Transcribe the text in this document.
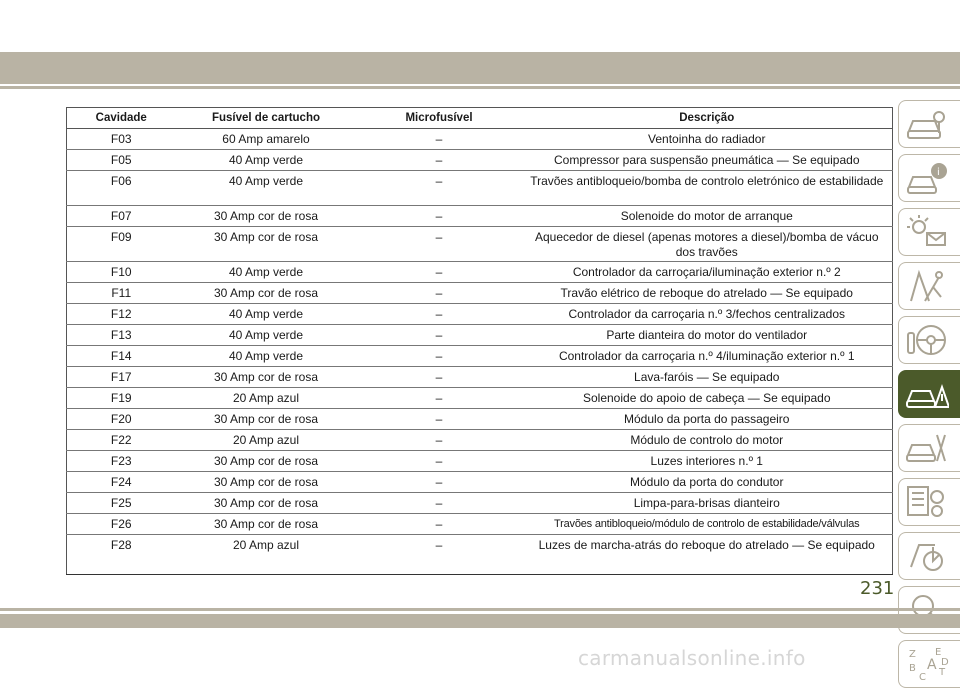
Cavidade	Fusível de cartucho	Microfusível	Descrição
F03	60 Amp amarelo	–	Ventoinha do radiador
F05	40 Amp verde	–	Compressor para suspensão pneumática — Se equipado
F06	40 Amp verde	–	Travões antibloqueio/bomba de controlo eletrónico de estabilidade
F07	30 Amp cor de rosa	–	Solenoide do motor de arranque
F09	30 Amp cor de rosa	–	Aquecedor de diesel (apenas motores a diesel)/bomba de vácuo dos travões
F10	40 Amp verde	–	Controlador da carroçaria/iluminação exterior n.º 2
F11	30 Amp cor de rosa	–	Travão elétrico de reboque do atrelado — Se equipado
F12	40 Amp verde	–	Controlador da carroçaria n.º 3/fechos centralizados
F13	40 Amp verde	–	Parte dianteira do motor do ventilador
F14	40 Amp verde	–	Controlador da carroçaria n.º 4/iluminação exterior n.º 1
F17	30 Amp cor de rosa	–	Lava-faróis — Se equipado
F19	20 Amp azul	–	Solenoide do apoio de cabeça — Se equipado
F20	30 Amp cor de rosa	–	Módulo da porta do passageiro
F22	20 Amp azul	–	Módulo de controlo do motor
F23	30 Amp cor de rosa	–	Luzes interiores n.º 1
F24	30 Amp cor de rosa	–	Módulo da porta do condutor
F25	30 Amp cor de rosa	–	Limpa-para-brisas dianteiro
F26	30 Amp cor de rosa	–	Travões antibloqueio/módulo de controlo de estabilidade/válvulas
F28	20 Amp azul	–	Luzes de marcha-atrás do reboque do atrelado — Se equipado
i
Z E
B A T
C
D
231
carmanualsonline.info
